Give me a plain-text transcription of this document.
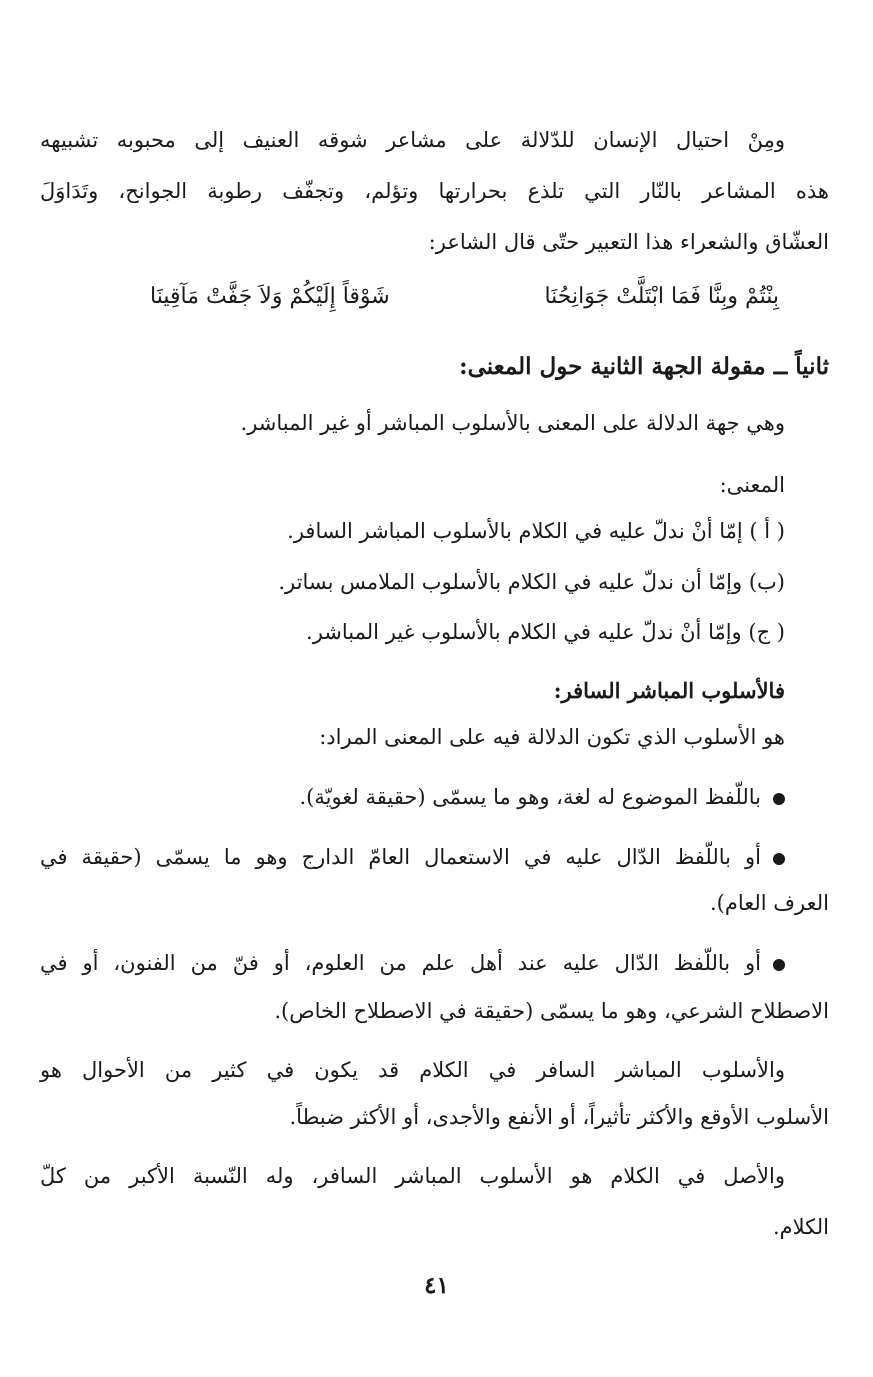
ومِنْ احتيال الإنسان للدّلالة على مشاعر شوقه العنيف إلى محبوبه تشبيهه
هذه المشاعر بالنّار التي تلذع بحرارتها وتؤلم، وتجفّف رطوبة الجوانح، وتَدَاوَلَ
العشّاق والشعراء هذا التعبير حتّى قال الشاعر:
بِنْتُمْ وبِنَّا فَمَا ابْتَلَّتْ جَوَانِحُنَا
شَوْقاً إِلَيْكُمْ وَلاَ جَفَّتْ مَآقِينَا
ثانياً ــ مقولة الجهة الثانية حول المعنى:
وهي جهة الدلالة على المعنى بالأسلوب المباشر أو غير المباشر.
المعنى:
( أ ) إمّا أنْ ندلّ عليه في الكلام بالأسلوب المباشر السافر.
(ب) وإمّا أن ندلّ عليه في الكلام بالأسلوب الملامس بساتر.
( ج) وإمّا أنْ ندلّ عليه في الكلام بالأسلوب غير المباشر.
فالأسلوب المباشر السافر:
هو الأسلوب الذي تكون الدلالة فيه على المعنى المراد:
باللّفظ الموضوع له لغة، وهو ما يسمّى (حقيقة لغويّة).
أو باللّفظ الدّال عليه في الاستعمال العامّ الدارج وهو ما يسمّى (حقيقة في
العرف العام).
أو باللّفظ الدّال عليه عند أهل علم من العلوم، أو فنّ من الفنون، أو في
الاصطلاح الشرعي، وهو ما يسمّى (حقيقة في الاصطلاح الخاص).
والأسلوب المباشر السافر في الكلام قد يكون في كثير من الأحوال هو
الأسلوب الأوقع والأكثر تأثيراً، أو الأنفع والأجدى، أو الأكثر ضبطاً.
والأصل في الكلام هو الأسلوب المباشر السافر، وله النّسبة الأكبر من كلّ
الكلام.
٤١
